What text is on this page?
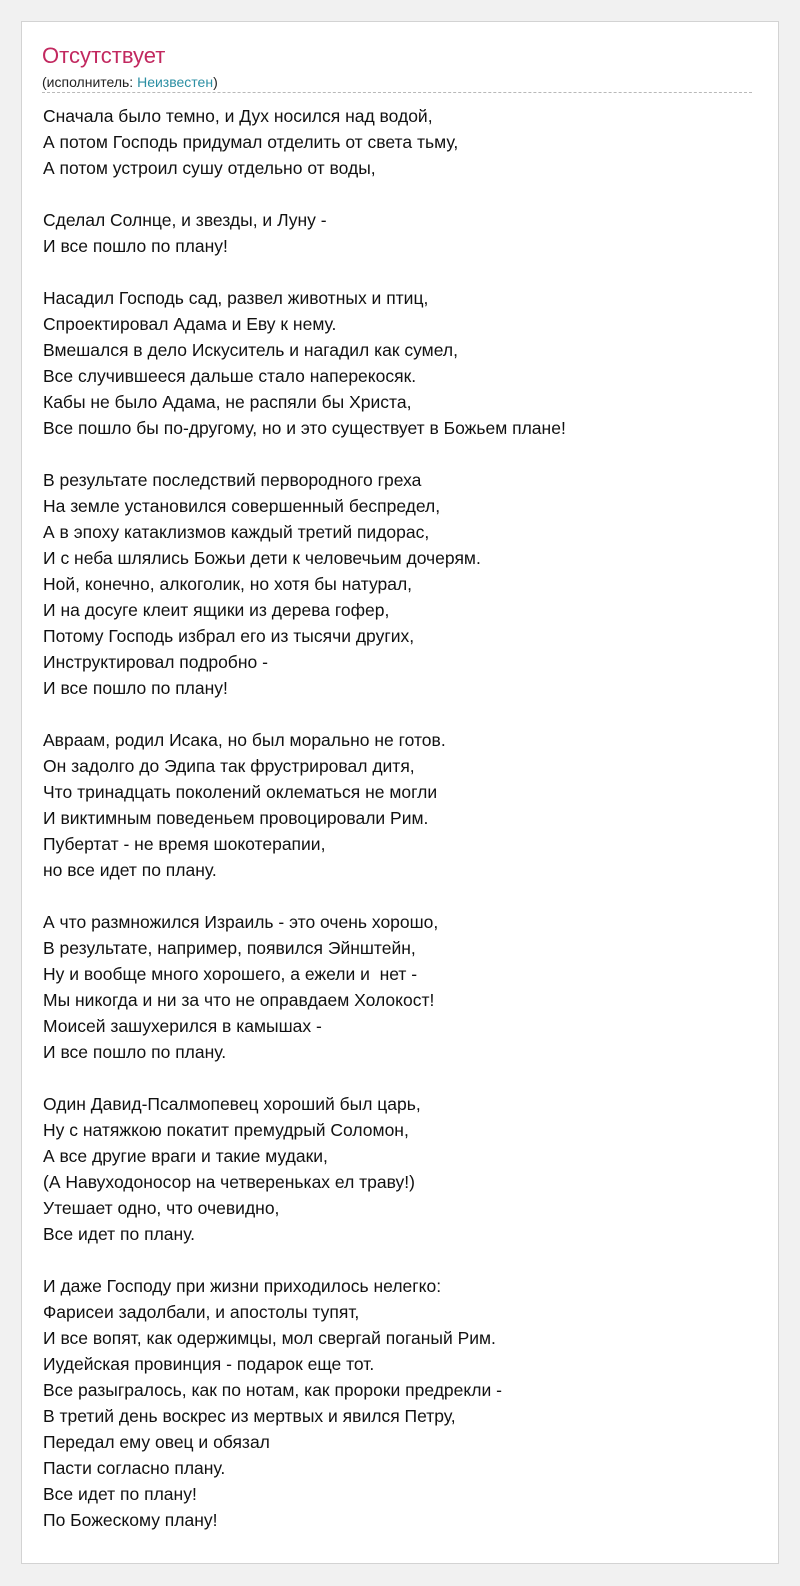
Отсутствует
(исполнитель: Неизвестен)
Сначала было темно, и Дух носился над водой,
А потом Господь придумал отделить от света тьму,
А потом устроил сушу отдельно от воды,
Сделал Солнце, и звезды, и Луну -
И все пошло по плану!
Насадил Господь сад, развел животных и птиц,
Спроектировал Адама и Еву к нему.
Вмешался в дело Искуситель и нагадил как сумел,
Все случившееся дальше стало наперекосяк.
Кабы не было Адама, не распяли бы Христа,
Все пошло бы по-другому, но и это существует в Божьем плане!
В результате последствий первородного греха
На земле установился совершенный беспредел,
А в эпоху катаклизмов каждый третий пидорас,
И с неба шлялись Божьи дети к человечьим дочерям.
Ной, конечно, алкоголик, но хотя бы натурал,
И на досуге клеит ящики из дерева гофер,
Потому Господь избрал его из тысячи других,
Инструктировал подробно -
И все пошло по плану!
Авраам, родил Исака, но был морально не готов.
Он задолго до Эдипа так фрустрировал дитя,
Что тринадцать поколений оклематься не могли
И виктимным поведеньем провоцировали Рим.
Пубертат - не время шокотерапии,
но все идет по плану.
А что размножился Израиль - это очень хорошо,
В результате, например, появился Эйнштейн,
Ну и вообще много хорошего, а ежели и  нет -
Мы никогда и ни за что не оправдаем Холокост!
Моисей зашухерился в камышах -
И все пошло по плану.
Один Давид-Псалмопевец хороший был царь,
Ну с натяжкою покатит премудрый Соломон,
А все другие враги и такие мудаки,
(А Навуходоносор на четвереньках ел траву!)
Утешает одно, что очевидно,
Все идет по плану.
И даже Господу при жизни приходилось нелегко:
Фарисеи задолбали, и апостолы тупят,
И все вопят, как одержимцы, мол свергай поганый Рим.
Иудейская провинция - подарок еще тот.
Все разыгралось, как по нотам, как пророки предрекли -
В третий день воскрес из мертвых и явился Петру,
Передал ему овец и обязал
Пасти согласно плану.
Все идет по плану!
По Божескому плану!
